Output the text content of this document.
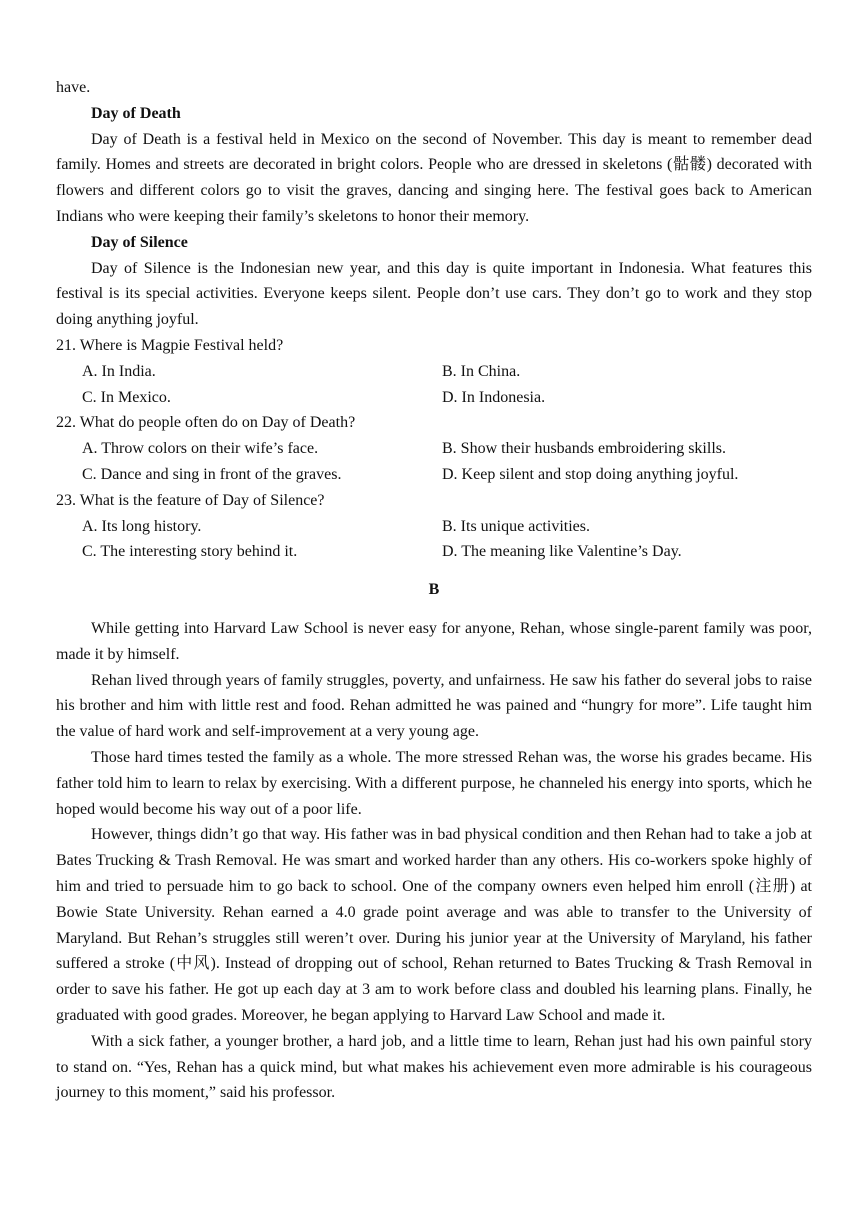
have.

Day of Death

Day of Death is a festival held in Mexico on the second of November. This day is meant to remember dead family. Homes and streets are decorated in bright colors. People who are dressed in skeletons (骷髅) decorated with flowers and different colors go to visit the graves, dancing and singing here. The festival goes back to American Indians who were keeping their family’s skeletons to honor their memory.

Day of Silence

Day of Silence is the Indonesian new year, and this day is quite important in Indonesia. What features this festival is its special activities. Everyone keeps silent. People don’t use cars. They don’t go to work and they stop doing anything joyful.

21. Where is Magpie Festival held?

A. In India.	B. In China.

C. In Mexico.	D. In Indonesia.

22. What do people often do on Day of Death?

A. Throw colors on their wife’s face.	B. Show their husbands embroidering skills.

C. Dance and sing in front of the graves.	D. Keep silent and stop doing anything joyful.

23. What is the feature of Day of Silence?

A. Its long history.	B. Its unique activities.

C. The interesting story behind it.	D. The meaning like Valentine’s Day.

B

While getting into Harvard Law School is never easy for anyone, Rehan, whose single-parent family was poor, made it by himself.

Rehan lived through years of family struggles, poverty, and unfairness. He saw his father do several jobs to raise his brother and him with little rest and food. Rehan admitted he was pained and “hungry for more”. Life taught him the value of hard work and self-improvement at a very young age.

Those hard times tested the family as a whole. The more stressed Rehan was, the worse his grades became. His father told him to learn to relax by exercising. With a different purpose, he channeled his energy into sports, which he hoped would become his way out of a poor life.

However, things didn’t go that way. His father was in bad physical condition and then Rehan had to take a job at Bates Trucking & Trash Removal. He was smart and worked harder than any others. His co-workers spoke highly of him and tried to persuade him to go back to school. One of the company owners even helped him enroll (注册) at Bowie State University. Rehan earned a 4.0 grade point average and was able to transfer to the University of Maryland. But Rehan’s struggles still weren’t over. During his junior year at the University of Maryland, his father suffered a stroke (中风). Instead of dropping out of school, Rehan returned to Bates Trucking & Trash Removal in order to save his father. He got up each day at 3 am to work before class and doubled his learning plans. Finally, he graduated with good grades. Moreover, he began applying to Harvard Law School and made it.

With a sick father, a younger brother, a hard job, and a little time to learn, Rehan just had his own painful story to stand on. “Yes, Rehan has a quick mind, but what makes his achievement even more admirable is his courageous journey to this moment,” said his professor.
